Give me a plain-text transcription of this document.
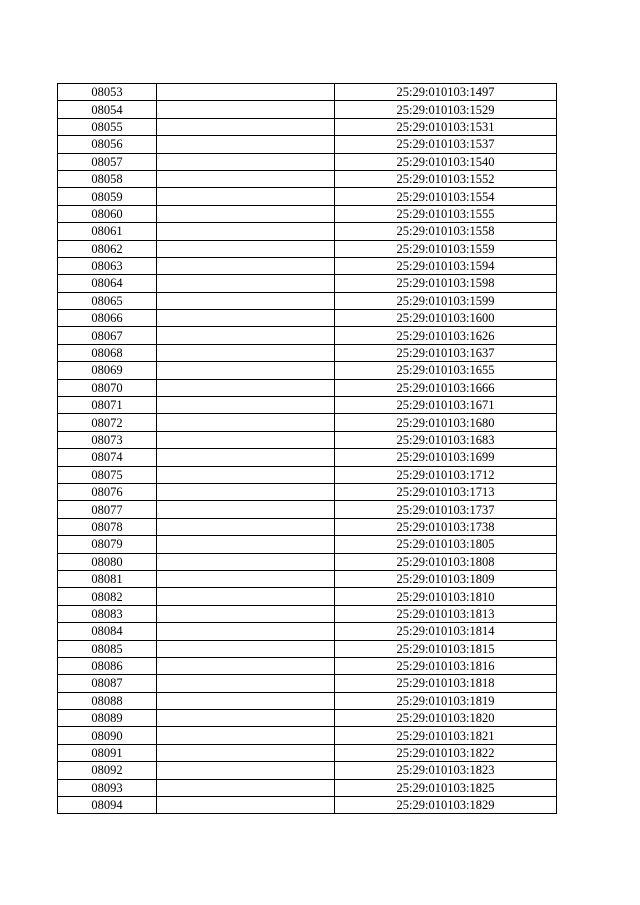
08053		25:29:010103:1497
08054		25:29:010103:1529
08055		25:29:010103:1531
08056		25:29:010103:1537
08057		25:29:010103:1540
08058		25:29:010103:1552
08059		25:29:010103:1554
08060		25:29:010103:1555
08061		25:29:010103:1558
08062		25:29:010103:1559
08063		25:29:010103:1594
08064		25:29:010103:1598
08065		25:29:010103:1599
08066		25:29:010103:1600
08067		25:29:010103:1626
08068		25:29:010103:1637
08069		25:29:010103:1655
08070		25:29:010103:1666
08071		25:29:010103:1671
08072		25:29:010103:1680
08073		25:29:010103:1683
08074		25:29:010103:1699
08075		25:29:010103:1712
08076		25:29:010103:1713
08077		25:29:010103:1737
08078		25:29:010103:1738
08079		25:29:010103:1805
08080		25:29:010103:1808
08081		25:29:010103:1809
08082		25:29:010103:1810
08083		25:29:010103:1813
08084		25:29:010103:1814
08085		25:29:010103:1815
08086		25:29:010103:1816
08087		25:29:010103:1818
08088		25:29:010103:1819
08089		25:29:010103:1820
08090		25:29:010103:1821
08091		25:29:010103:1822
08092		25:29:010103:1823
08093		25:29:010103:1825
08094		25:29:010103:1829
